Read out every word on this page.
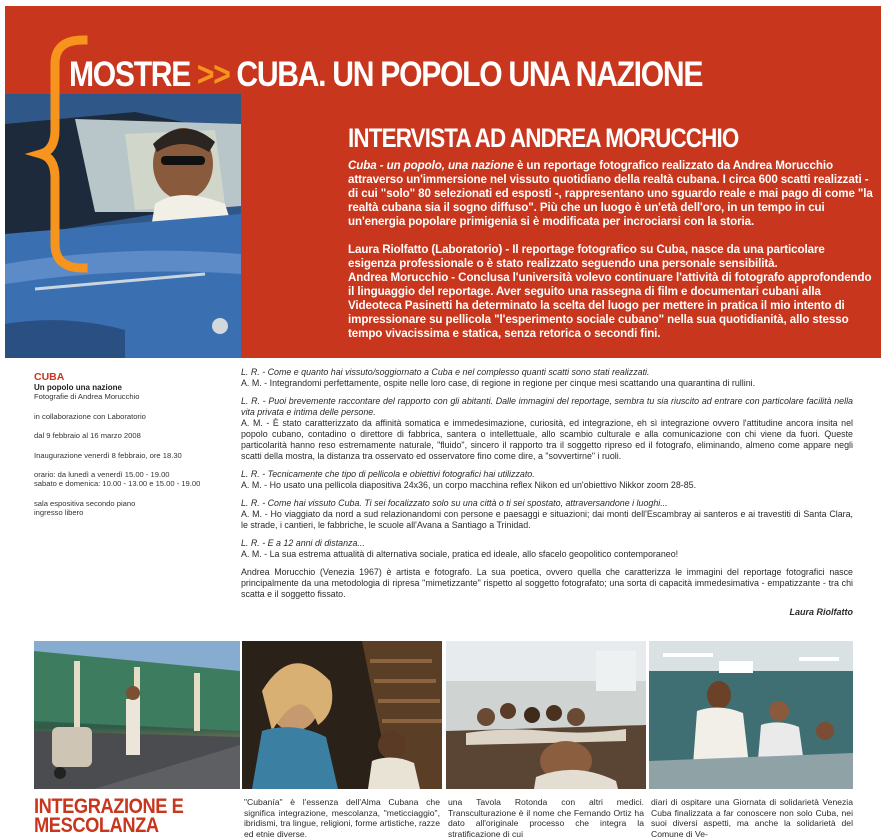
MOSTRE >> CUBA. UN POPOLO UNA NAZIONE
INTERVISTA AD ANDREA MORUCCHIO

Cuba - un popolo, una nazione è un reportage fotografico realizzato da Andrea Morucchio attraverso un'immersione nel vissuto quotidiano della realtà cubana. I circa 600 scatti realizzati - di cui "solo" 80 selezionati ed esposti -, rappresentano uno sguardo reale e mai pago di come "la realtà cubana sia il sogno diffuso". Più che un luogo è un'età dell'oro, in un tempo in cui un'energia popolare primigenia si è modificata per incrociarsi con la storia.

Laura Riolfatto (Laboratorio) - Il reportage fotografico su Cuba, nasce da una particolare esigenza professionale o è stato realizzato seguendo una personale sensibilità.
Andrea Morucchio - Conclusa l'università volevo continuare l'attività di fotografo approfondendo il linguaggio del reportage. Aver seguito una rassegna di film e documentari cubani alla Videoteca Pasinetti ha determinato la scelta del luogo per mettere in pratica il mio intento di impressionare su pellicola "l'esperimento sociale cubano" nella sua quotidianità, allo stesso tempo vivacissima e statica, senza retorica o secondi fini.

CUBA
Un popolo una nazione
Fotografie di Andrea Morucchio
in collaborazione con Laboratorio
dal 9 febbraio al 16 marzo 2008
Inaugurazione venerdì 8 febbraio, ore 18.30
orario: da lunedì a venerdì 15.00 - 19.00
sabato e domenica: 10.00 - 13.00 e 15.00 - 19.00
sala espositiva secondo piano
ingresso libero
L. R. - Come e quanto hai vissuto/soggiornato a Cuba e nel complesso quanti scatti sono stati realizzati.
A. M. - Integrandomi perfettamente, ospite nelle loro case, di regione in regione per cinque mesi scattando una quarantina di rullini.
L. R. - Puoi brevemente raccontare del rapporto con gli abitanti. Dalle immagini del reportage, sembra tu sia riuscito ad entrare con particolare facilità nella vita privata e intima delle persone.
A. M. - È stato caratterizzato da affinità somatica e immedesimazione, curiosità, ed integrazione, eh sì integrazione ovvero l'attitudine ancora insita nel popolo cubano, contadino o direttore di fabbrica, santera o intellettuale, allo scambio culturale e alla comunicazione con chi viene da fuori. Queste particolarità hanno reso estremamente naturale, "fluido", sincero il rapporto tra il soggetto ripreso ed il fotografo, eliminando, almeno come appare negli scatti della mostra, la distanza tra osservato ed osservatore fino come dire, a "sovvertirne" i ruoli.
L. R. - Tecnicamente che tipo di pellicola e obiettivi fotografici hai utilizzato.
A. M. - Ho usato una pellicola diapositiva 24x36, un corpo macchina reflex Nikon ed un'obiettivo Nikkor zoom 28-85.
L. R. - Come hai vissuto Cuba. Ti sei focalizzato solo su una città o ti sei spostato, attraversandone i luoghi...
A. M. - Ho viaggiato da nord a sud relazionandomi con persone e paesaggi e situazioni; dai monti dell'Escambray ai santeros e ai travestiti di Santa Clara, le strade, i cantieri, le fabbriche, le scuole all'Avana a Santiago a Trinidad.
L. R. - E a 12 anni di distanza...
A. M. - La sua estrema attualità di alternativa sociale, pratica ed ideale, allo sfacelo geopolitico contemporaneo!
Andrea Morucchio (Venezia 1967) è artista e fotografo. La sua poetica, ovvero quella che caratterizza le immagini del reportage fotografici nasce principalmente da una metodologia di ripresa "mimetizzante" rispetto al soggetto fotografato; una sorta di capacità immedesimativa - empatizzante - tra chi scatta e il soggetto fissato.
Laura Riolfatto
INTEGRAZIONE E MESCOLANZA
"Cubanía" è l'essenza dell'Alma Cubana che significa integrazione, mescolanza, "meticciaggio", ibridismi, tra lingue, religioni, forme artistiche, razze ed etnie diverse.
una Tavola Rotonda con altri medici. Transculturazione è il nome che Fernando Ortiz ha dato all'originale processo che integra la stratificazione di cui
diari di ospitare una Giornata di solidarietà Venezia Cuba finalizzata a far conoscere non solo Cuba, nei suoi diversi aspetti, ma anche la solidarietà del Comune di Ve-
